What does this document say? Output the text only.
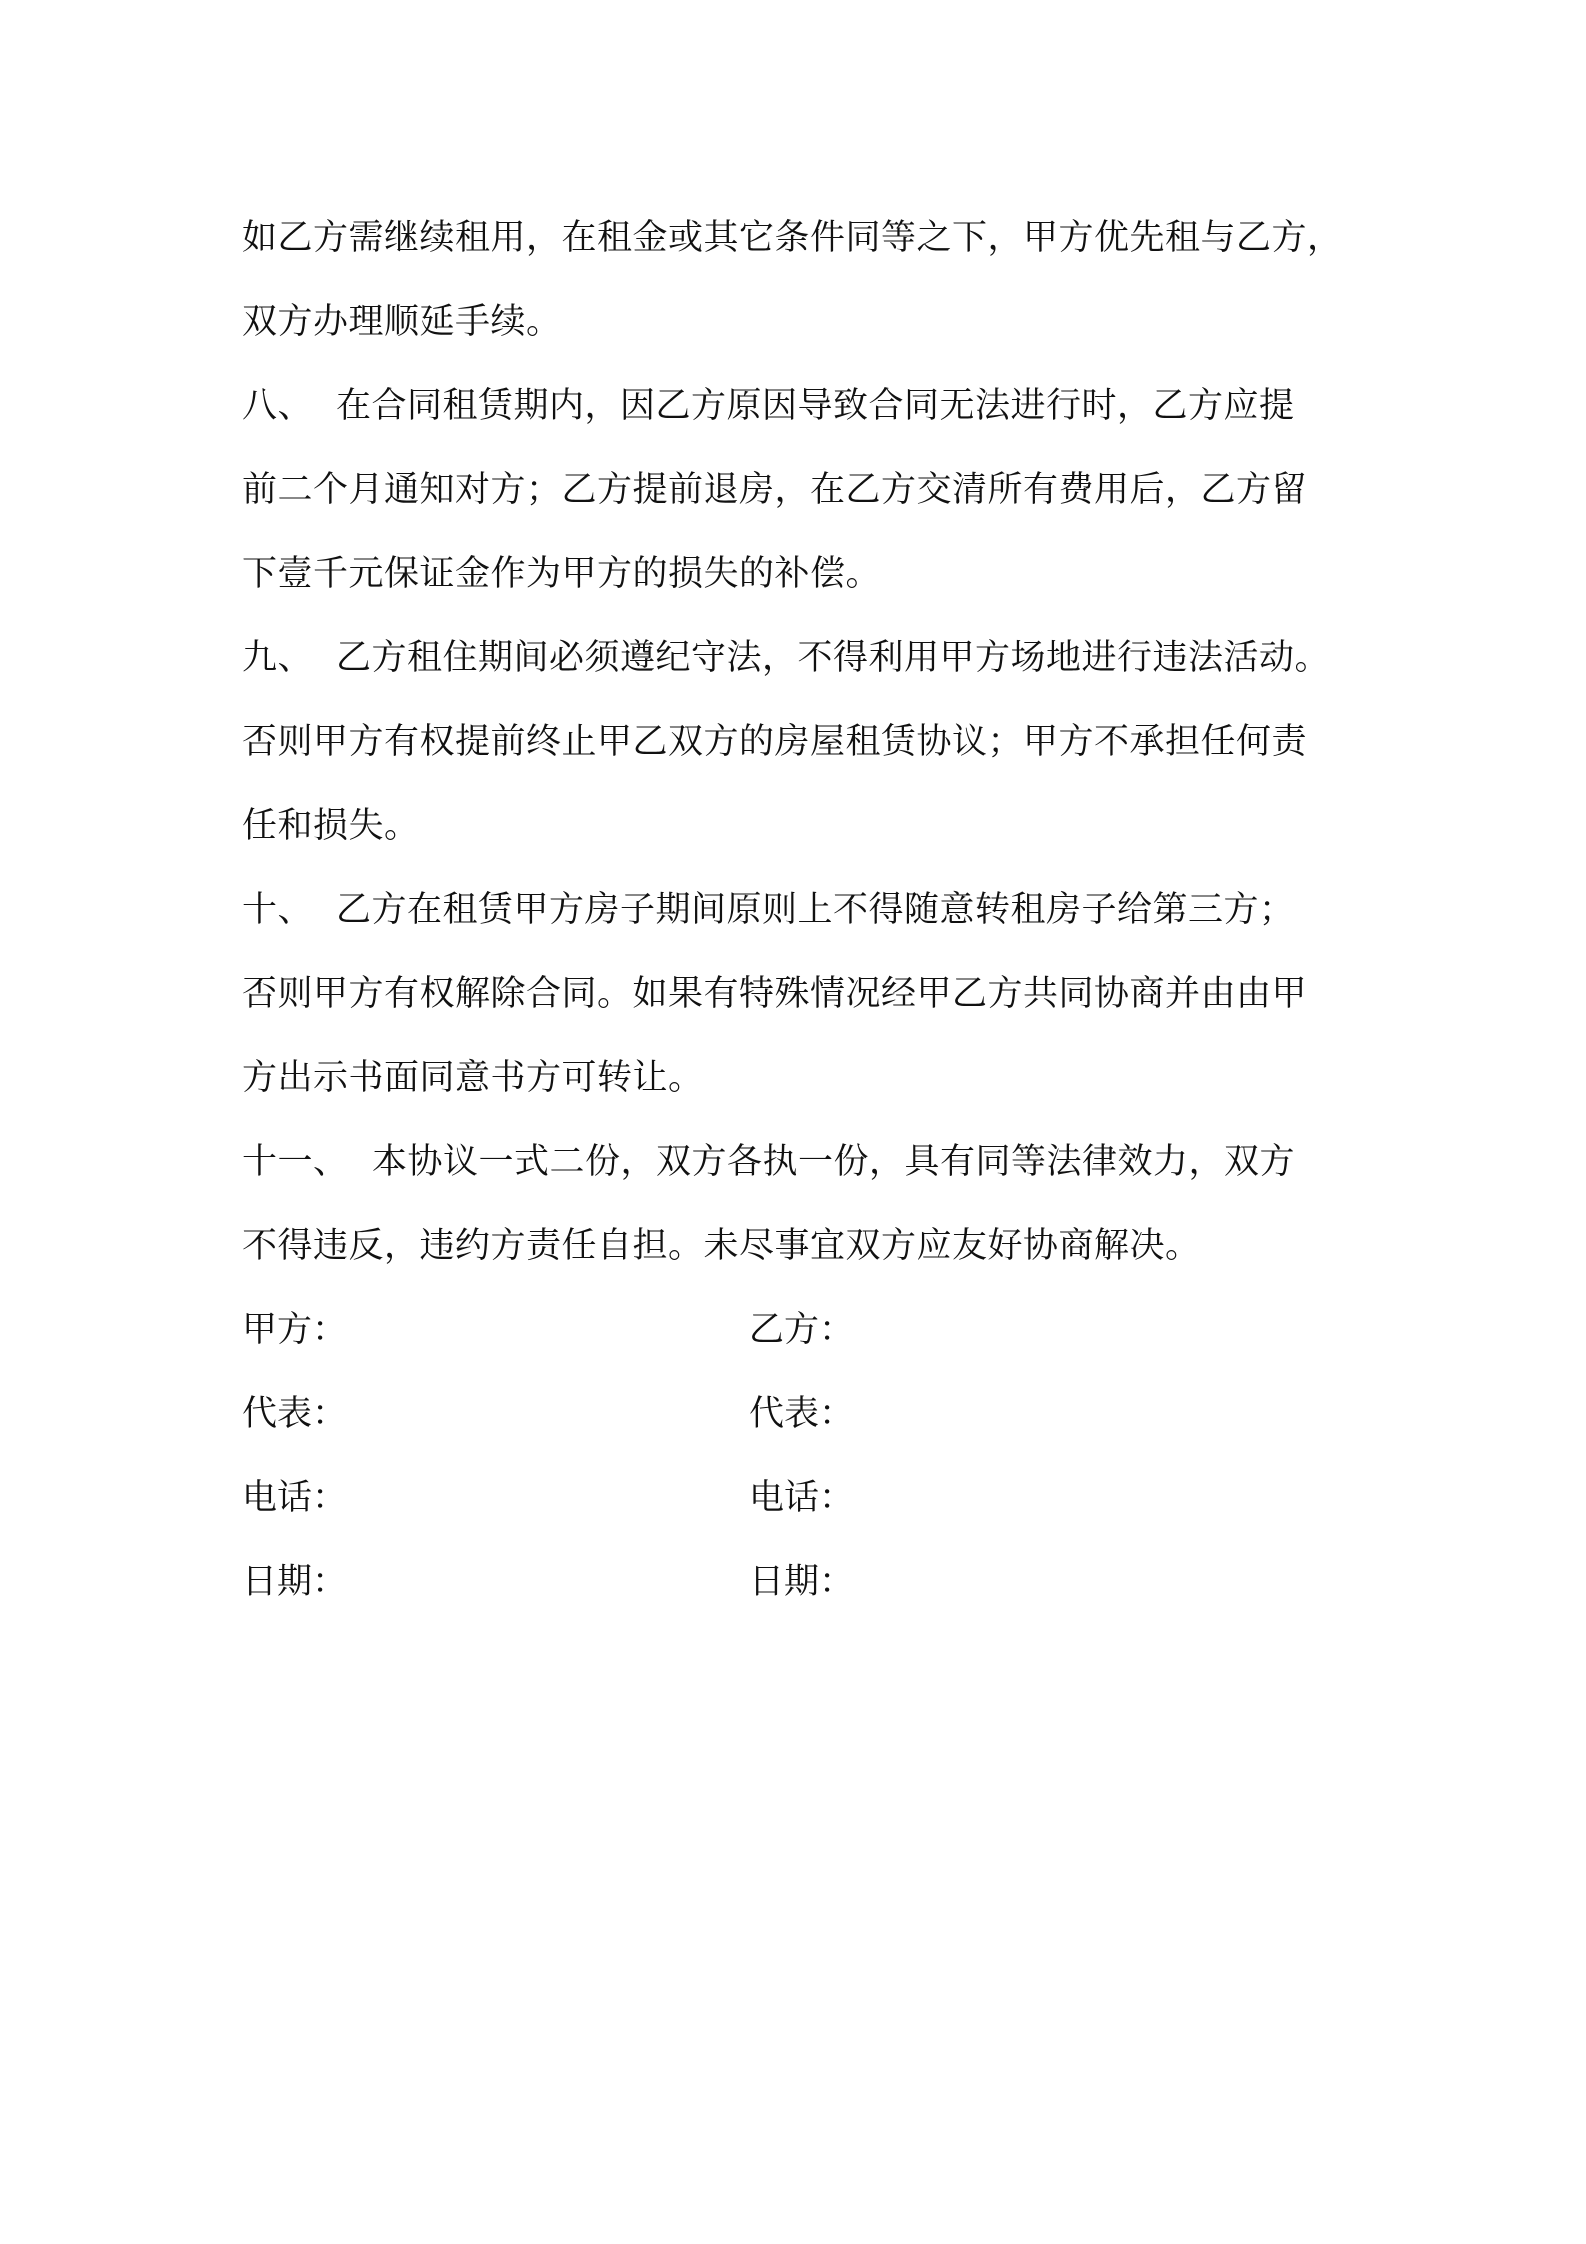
如乙方需继续租用，在租金或其它条件同等之下，甲方优先租与乙方，
双方办理顺延手续。
八、 在合同租赁期内，因乙方原因导致合同无法进行时，乙方应提
前二个月通知对方；乙方提前退房，在乙方交清所有费用后，乙方留
下壹千元保证金作为甲方的损失的补偿。
九、 乙方租住期间必须遵纪守法，不得利用甲方场地进行违法活动。
否则甲方有权提前终止甲乙双方的房屋租赁协议；甲方不承担任何责
任和损失。
十、 乙方在租赁甲方房子期间原则上不得随意转租房子给第三方；
否则甲方有权解除合同。如果有特殊情况经甲乙方共同协商并由由甲
方出示书面同意书方可转让。
十一、 本协议一式二份，双方各执一份，具有同等法律效力，双方
不得违反，违约方责任自担。未尽事宜双方应友好协商解决。
甲方：	乙方：
代表：	代表：
电话：	电话：
日期：	日期：
